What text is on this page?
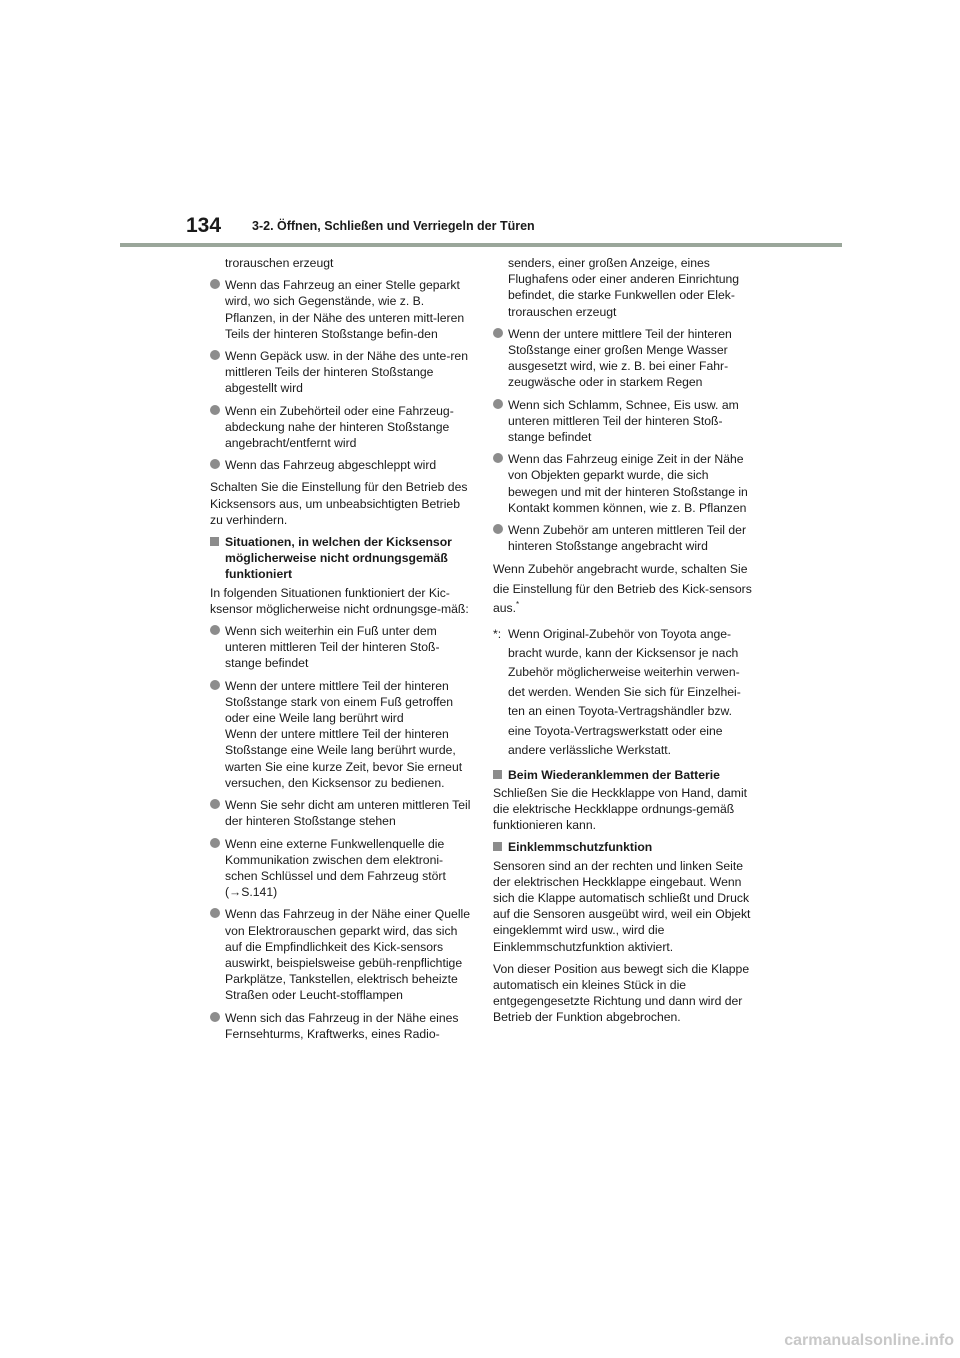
134 3-2. Öffnen, Schließen und Verriegeln der Türen

trorauschen erzeugt

Wenn das Fahrzeug an einer Stelle geparkt wird, wo sich Gegenstände, wie z. B. Pflanzen, in der Nähe des unteren mitt-leren Teils der hinteren Stoßstange befin-den
Wenn Gepäck usw. in der Nähe des unte-ren mittleren Teils der hinteren Stoßstange abgestellt wird
Wenn ein Zubehörteil oder eine Fahrzeug-abdeckung nahe der hinteren Stoßstange angebracht/entfernt wird
Wenn das Fahrzeug abgeschleppt wird

Schalten Sie die Einstellung für den Betrieb des Kicksensors aus, um unbeabsichtigten Betrieb zu verhindern.

Situationen, in welchen der Kicksensor möglicherweise nicht ordnungsgemäß funktioniert

In folgenden Situationen funktioniert der Kic-ksensor möglicherweise nicht ordnungsge-mäß:

Wenn sich weiterhin ein Fuß unter dem unteren mittleren Teil der hinteren Stoß-stange befindet
Wenn der untere mittlere Teil der hinteren Stoßstange stark von einem Fuß getroffen oder eine Weile lang berührt wird
Wenn der untere mittlere Teil der hinteren Stoßstange eine Weile lang berührt wurde, warten Sie eine kurze Zeit, bevor Sie erneut versuchen, den Kicksensor zu bedienen.
Wenn Sie sehr dicht am unteren mittleren Teil der hinteren Stoßstange stehen
Wenn eine externe Funkwellenquelle die Kommunikation zwischen dem elektroni-schen Schlüssel und dem Fahrzeug stört
(→S.141)
Wenn das Fahrzeug in der Nähe einer Quelle von Elektrorauschen geparkt wird, das sich auf die Empfindlichkeit des Kick-sensors auswirkt, beispielsweise gebüh-renpflichtige Parkplätze, Tankstellen, elektrisch beheizte Straßen oder Leucht-stofflampen
Wenn sich das Fahrzeug in der Nähe eines Fernsehturms, Kraftwerks, eines Radio-

senders, einer großen Anzeige, eines Flughafens oder einer anderen Einrichtung befindet, die starke Funkwellen oder Elek-trorauschen erzeugt

Wenn der untere mittlere Teil der hinteren Stoßstange einer großen Menge Wasser ausgesetzt wird, wie z. B. bei einer Fahr-zeugwäsche oder in starkem Regen
Wenn sich Schlamm, Schnee, Eis usw. am unteren mittleren Teil der hinteren Stoß-stange befindet
Wenn das Fahrzeug einige Zeit in der Nähe von Objekten geparkt wurde, die sich bewegen und mit der hinteren Stoßstange in Kontakt kommen können, wie z. B. Pflanzen
Wenn Zubehör am unteren mittleren Teil der hinteren Stoßstange angebracht wird

Wenn Zubehör angebracht wurde, schalten Sie die Einstellung für den Betrieb des Kick-sensors aus.*

*: Wenn Original-Zubehör von Toyota ange-bracht wurde, kann der Kicksensor je nach Zubehör möglicherweise weiterhin verwen-det werden. Wenden Sie sich für Einzelhei-ten an einen Toyota-Vertragshändler bzw. eine Toyota-Vertragswerkstatt oder eine andere verlässliche Werkstatt.
Beim Wiederanklemmen der Batterie

Schließen Sie die Heckklappe von Hand, damit die elektrische Heckklappe ordnungs-gemäß funktionieren kann.

Einklemmschutzfunktion

Sensoren sind an der rechten und linken Seite der elektrischen Heckklappe eingebaut. Wenn sich die Klappe automatisch schließt und Druck auf die Sensoren ausgeübt wird, weil ein Objekt eingeklemmt wird usw., wird die Einklemmschutzfunktion aktiviert.

Von dieser Position aus bewegt sich die Klappe automatisch ein kleines Stück in die entgegengesetzte Richtung und dann wird der Betrieb der Funktion abgebrochen.

carmanualsonline.info
